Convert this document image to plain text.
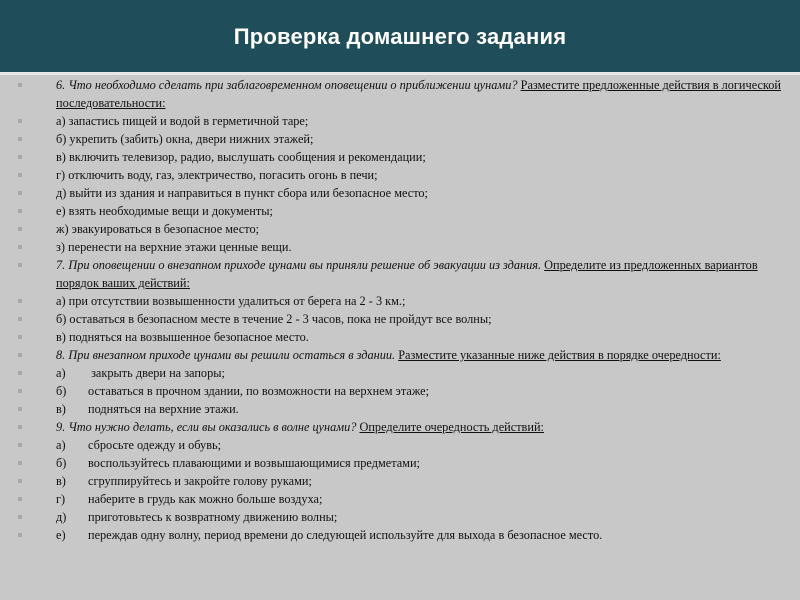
Проверка домашнего задания
6. Что необходимо сделать при заблаговременном оповещении о приближении цунами? Разместите предложенные действия в логической последовательности:
а) запастись пищей и водой в герметичной таре;
б) укрепить (забить) окна, двери нижних этажей;
в) включить телевизор, радио, выслушать сообщения и рекомендации;
г) отключить воду, газ, электричество, погасить огонь в печи;
д) выйти из здания и направиться в пункт сбора или безопасное место;
е) взять необходимые вещи и документы;
ж) эвакуироваться в безопасное место;
з) перенести на верхние этажи ценные вещи.
7. При оповещении о внезапном приходе цунами вы приняли решение об эвакуации из здания. Определите из предложенных вариантов порядок ваших действий:
а) при отсутствии возвышенности удалиться от берега на 2 - 3 км.;
б) оставаться в безопасном месте в течение 2 - 3 часов, пока не пройдут все волны;
в) подняться на возвышенное безопасное место.
8. При внезапном приходе цунами вы решили остаться в здании. Разместите указанные ниже действия в порядке очередности:
а) закрыть двери на запоры;
б) оставаться в прочном здании, по возможности на верхнем этаже;
в) подняться на верхние этажи.
9. Что нужно делать, если вы оказались в волне цунами? Определите очередность действий:
а) сбросьте одежду и обувь;
б) воспользуйтесь плавающими и возвышающимися предметами;
в) сгруппируйтесь и закройте голову руками;
г) наберите в грудь как можно больше воздуха;
д) приготовьтесь к возвратному движению волны;
е) переждав одну волну, период времени до следующей используйте для выхода в безопасное место.
